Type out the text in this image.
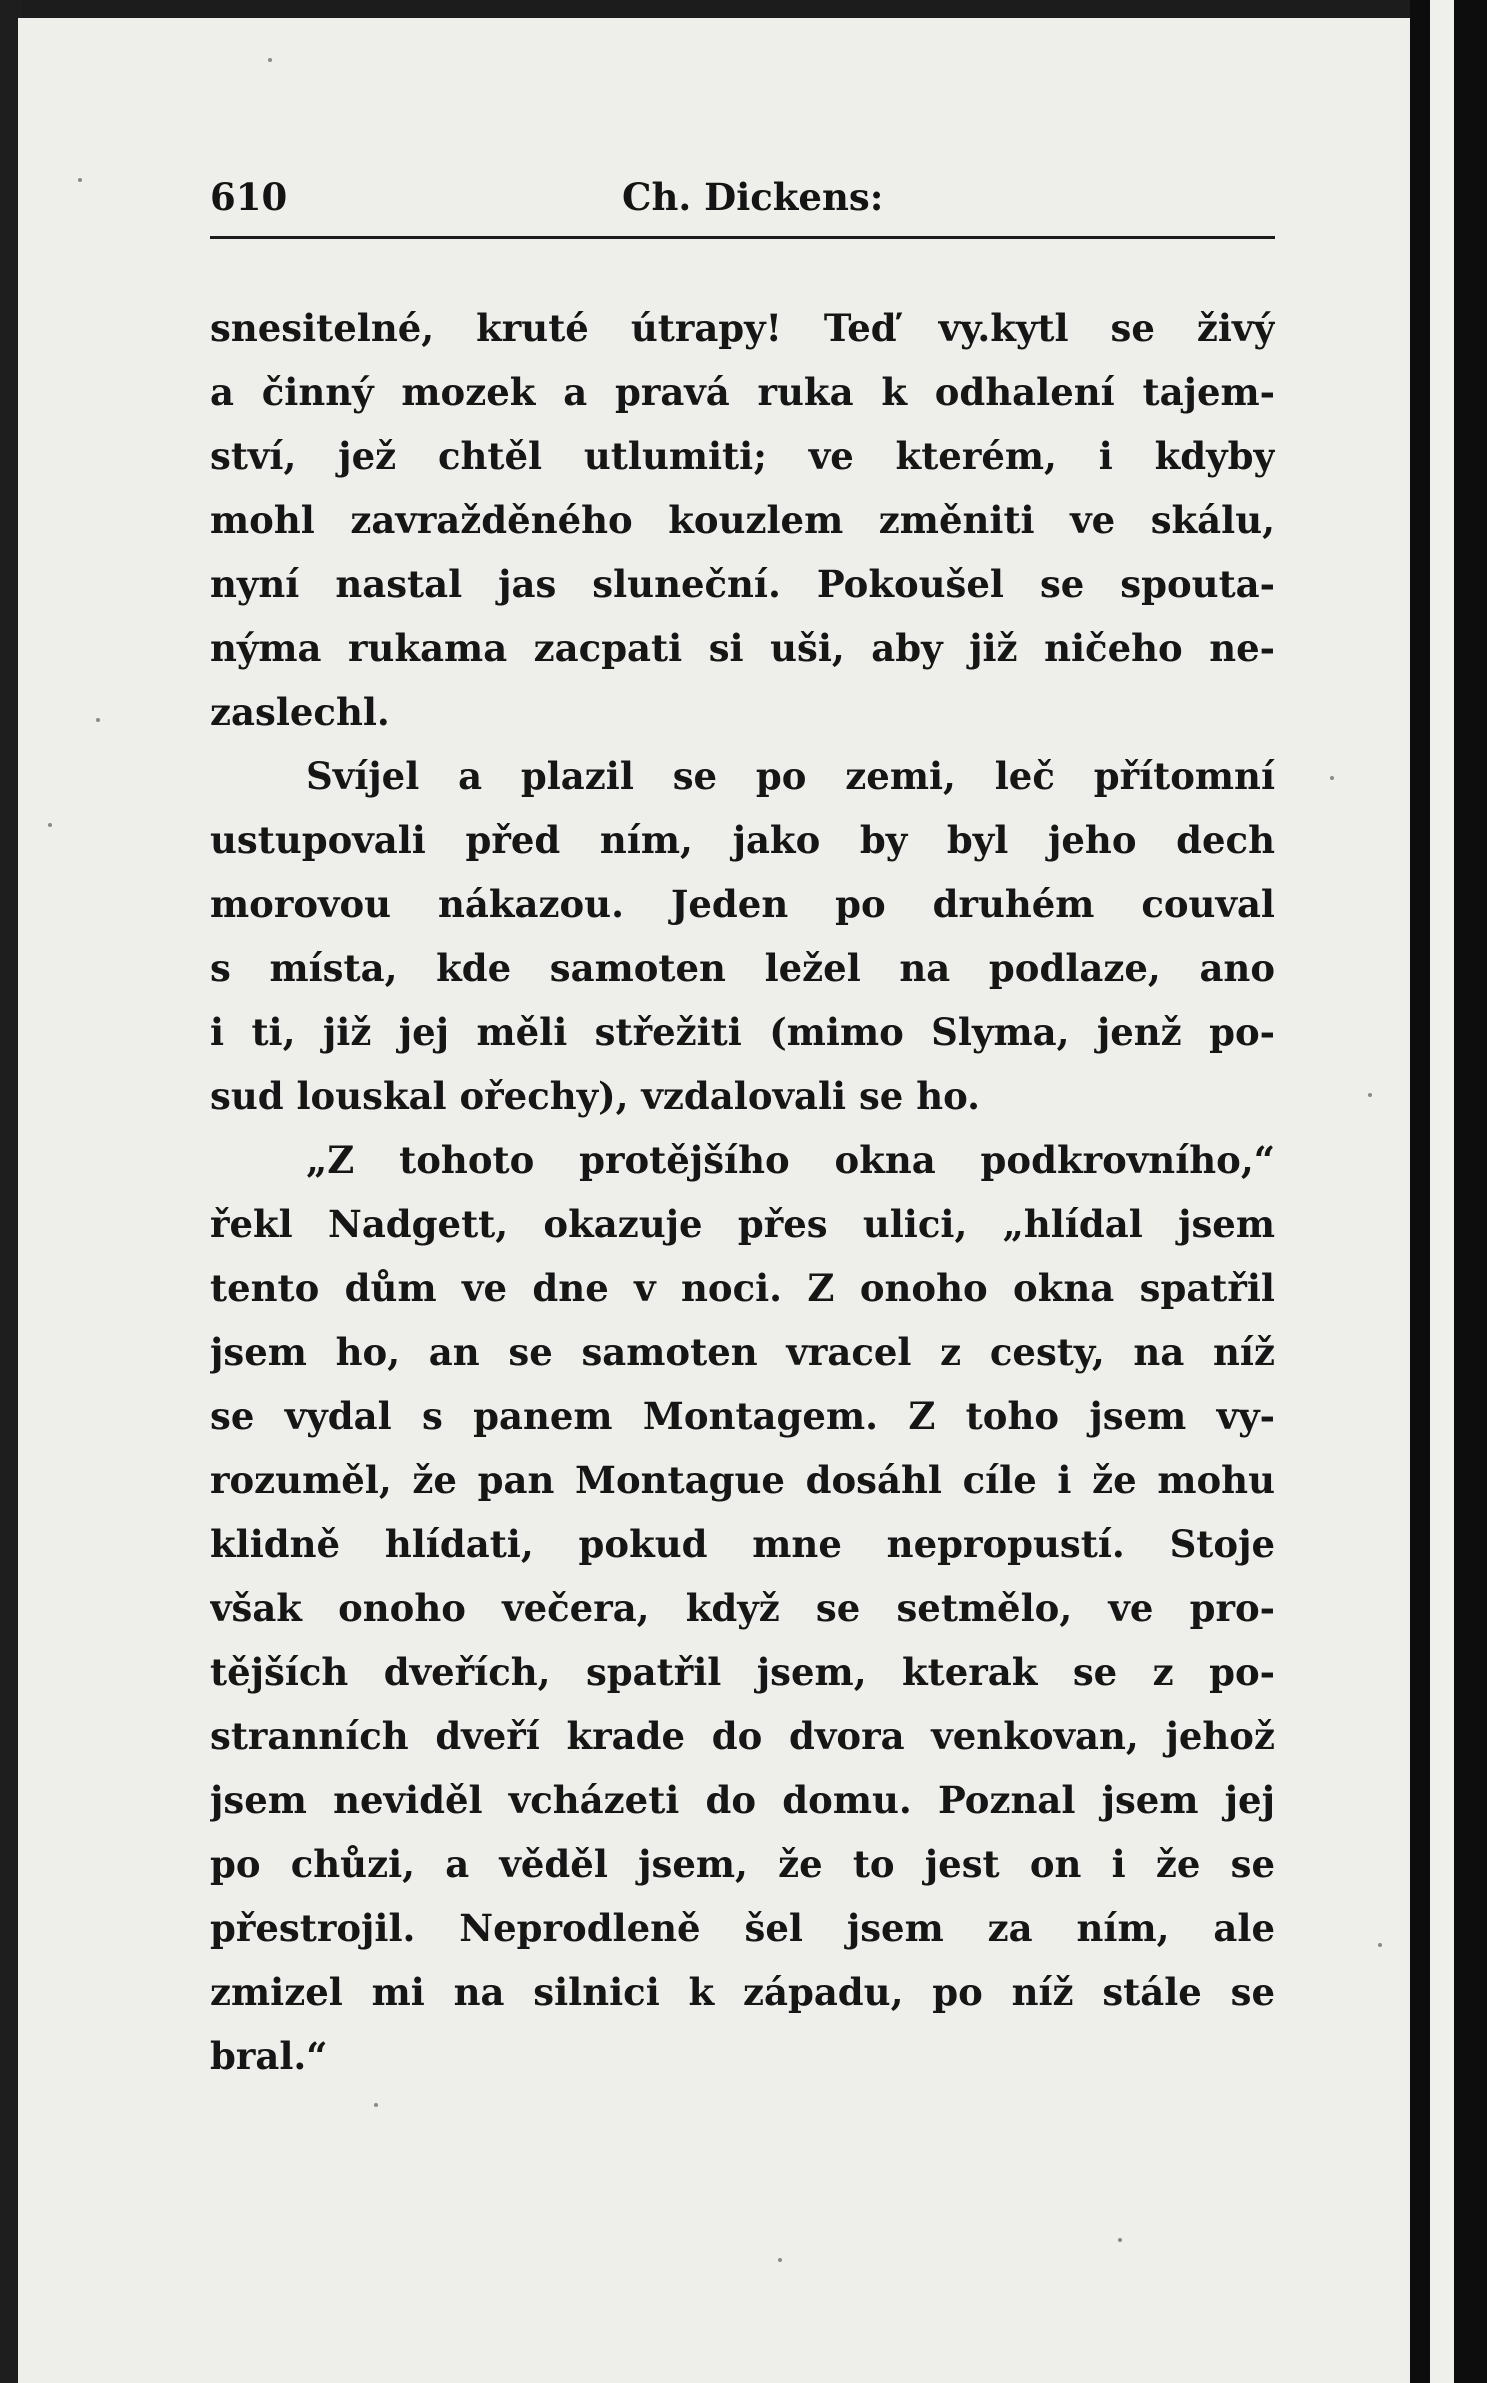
610	Ch. Dickens:
snesitelné, kruté útrapy! Teď vy.kytl se živý
a činný mozek a pravá ruka k odhalení tajem-
ství, jež chtěl utlumiti; ve kterém, i kdyby
mohl zavražděného kouzlem změniti ve skálu,
nyní nastal jas sluneční. Pokoušel se spouta-
nýma rukama zacpati si uši, aby již ničeho ne-
zaslechl.
Svíjel a plazil se po zemi, leč přítomní
ustupovali před ním, jako by byl jeho dech
morovou nákazou. Jeden po druhém couval
s místa, kde samoten ležel na podlaze, ano
i ti, již jej měli střežiti (mimo Slyma, jenž po-
sud louskal ořechy), vzdalovali se ho.
„Z tohoto protějšího okna podkrovního,“
řekl Nadgett, okazuje přes ulici, „hlídal jsem
tento dům ve dne v noci. Z onoho okna spatřil
jsem ho, an se samoten vracel z cesty, na níž
se vydal s panem Montagem. Z toho jsem vy-
rozuměl, že pan Montague dosáhl cíle i že mohu
klidně hlídati, pokud mne nepropustí. Stoje
však onoho večera, když se setmělo, ve pro-
tějších dveřích, spatřil jsem, kterak se z po-
stranních dveří krade do dvora venkovan, jehož
jsem neviděl vcházeti do domu. Poznal jsem jej
po chůzi, a věděl jsem, že to jest on i že se
přestrojil. Neprodleně šel jsem za ním, ale
zmizel mi na silnici k západu, po níž stále se
bral.“
